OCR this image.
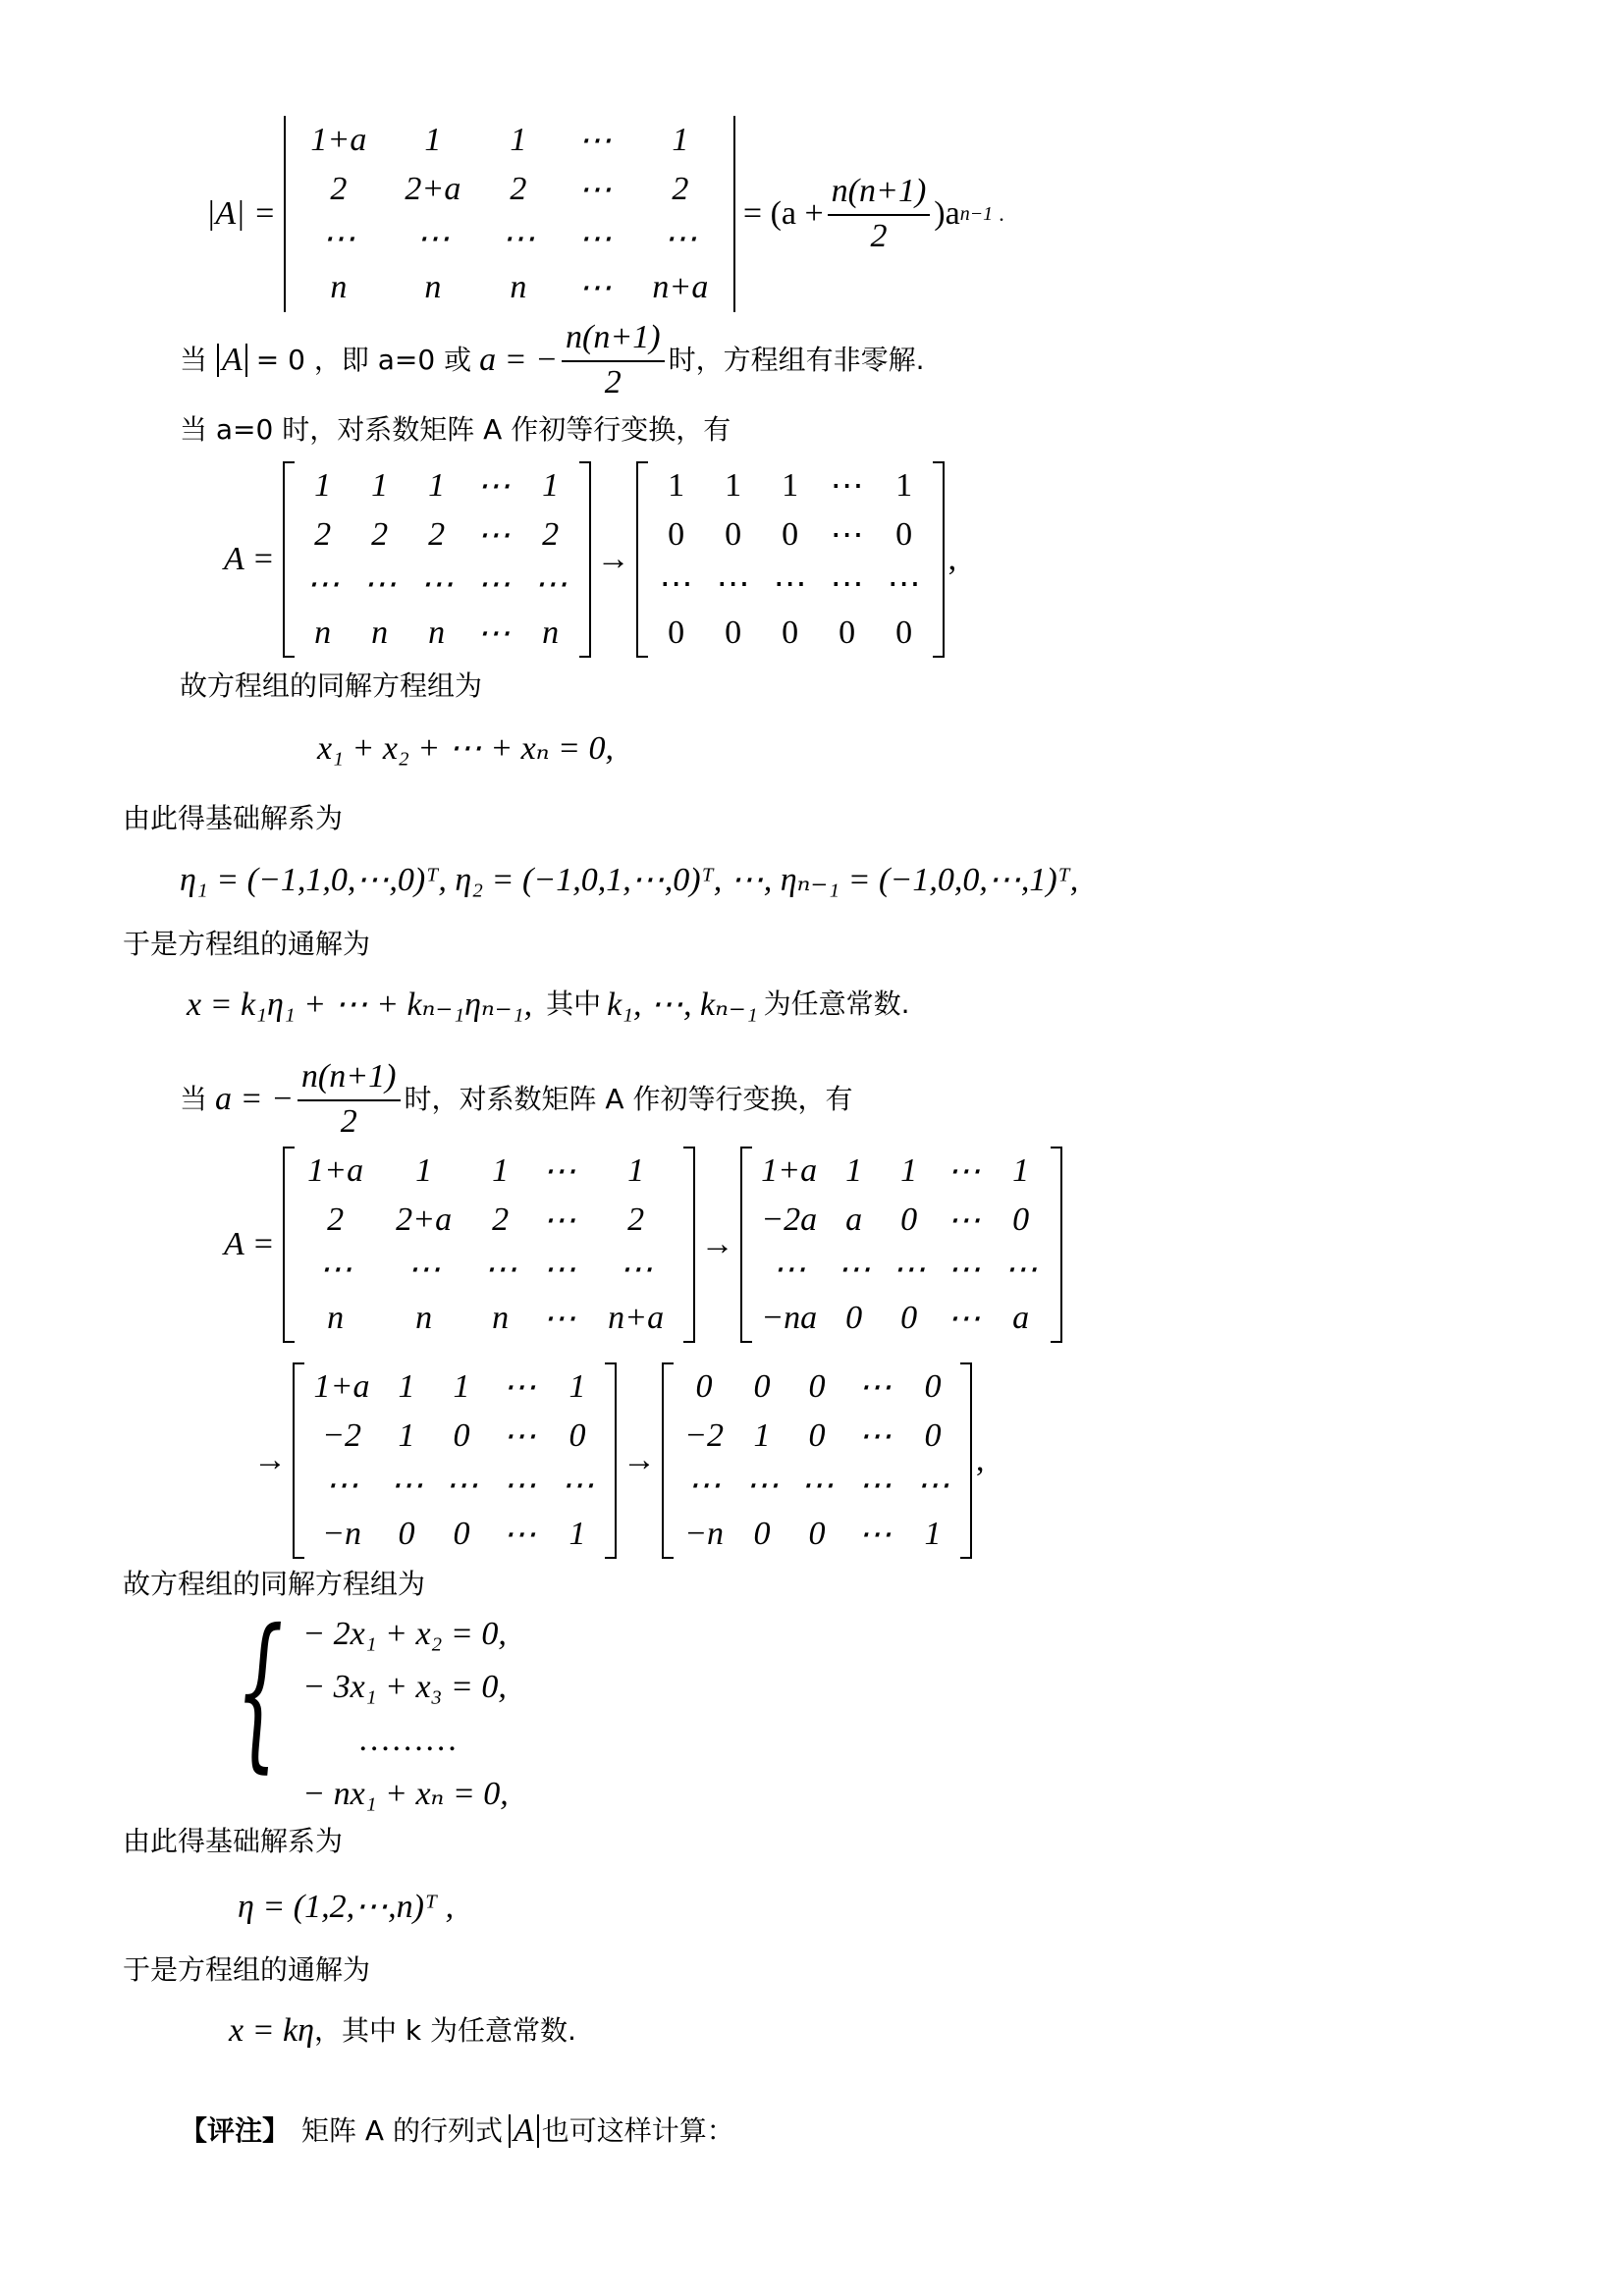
|A| =
1+a	1	1	⋯	1
2	2+a	2	⋯	2
⋯	⋯	⋯	⋯	⋯
n	n	n	⋯	n+a
= $(a + \frac{n(n+1)}{2} )a$ n−1 .
当 A = 0 ，即 a=0 或 a = − $\frac{n(n+1)}{2}$ 时，方程组有非零解.
当 a=0 时，对系数矩阵 A 作初等行变换，有
A =
1	1	1 ⋯ 1
2	2	2 ⋯ 2
⋯ ⋯ ⋯ ⋯ ⋯
n	n	n ⋯ n
→
1	1	1 ⋯ 1
0	0	0 ⋯ 0
⋯ ⋯ ⋯ ⋯ ⋯
0	0	0	0	0
,
故方程组的同解方程组为
x₁ + x₂ + ⋯ + xₙ = 0,
由此得基础解系为
η₁ = (−1,1,0,⋯,0)ᵀ, η₂ = (−1,0,1,⋯,0)ᵀ, ⋯, ηₙ₋₁ = (−1,0,0,⋯,1)ᵀ,
于是方程组的通解为
x = k₁η₁ + ⋯ + kₙ₋₁ηₙ₋₁, 其中 k₁, ⋯, kₙ₋₁ 为任意常数.
当 a = − $\frac{n(n+1)}{2}$ 时，对系数矩阵 A 作初等行变换，有
A =
1+a	1	1	⋯	1
2	2+a	2	⋯	2
⋯	⋯	⋯ ⋯	⋯
n	n	n	⋯ n+a
→
1+a 1	1 ⋯ 1
−2a a	0 ⋯ 0
⋯ ⋯ ⋯ ⋯ ⋯
−na 0	0 ⋯ a
→
1+a 1	1 ⋯ 1
−2	1	0 ⋯ 0
⋯ ⋯ ⋯ ⋯ ⋯
−n	0	0 ⋯ 1
→
0	0	0 ⋯ 0
−2 1	0 ⋯ 0
⋯ ⋯ ⋯ ⋯ ⋯
−n 0	0 ⋯ 1
,
故方程组的同解方程组为
{ − 2x₁ + x₂ = 0,
− 3x₁ + x₃ = 0,
………
− nx₁ + xₙ = 0,
由此得基础解系为
η = (1,2,⋯,n)ᵀ ,
于是方程组的通解为
x = kη ，其中 k 为任意常数.
【评注】 矩阵 A 的行列式 A 也可这样计算：
